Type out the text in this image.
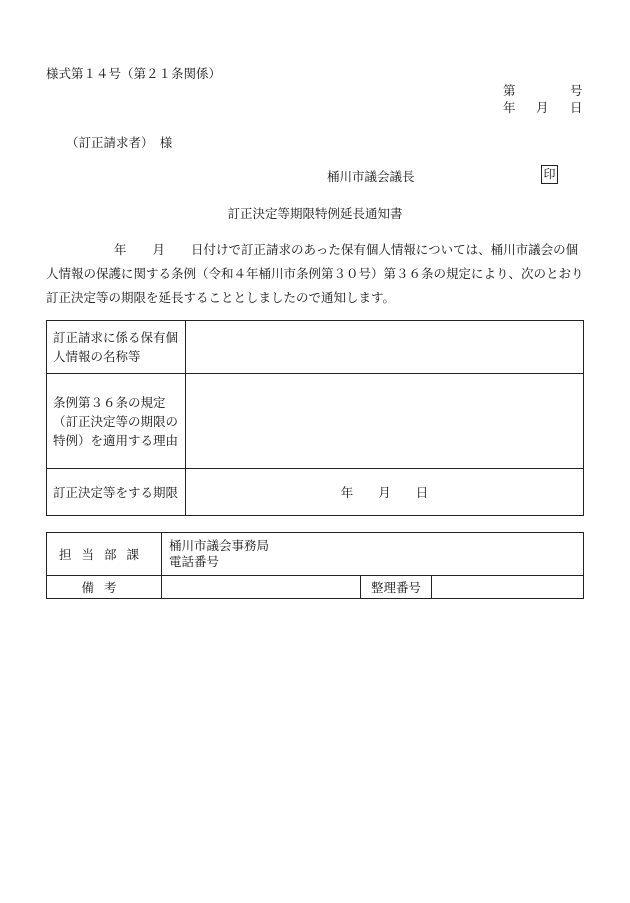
様式第１４号（第２１条関係）
第	号
年 月 日
（訂正請求者）　様
桶川市議会議長	印
訂正決定等期限特例延長通知書
年 月 日付けで訂正請求のあった保有個人情報については、桶川市議会の個人情報の保護に関する条例（令和４年桶川市条例第３０号）第３６条の規定により、次のとおり訂正決定等の期限を延長することとしましたので通知します。
訂正請求に係る保有個人情報の名称等	
条例第３６条の規定（訂正決定等の期限の特例）を適用する理由	
訂正決定等をする期限	年　　月　　日
担当部課	桶川市議会事務局
電話番号		

備考		整理番号	
